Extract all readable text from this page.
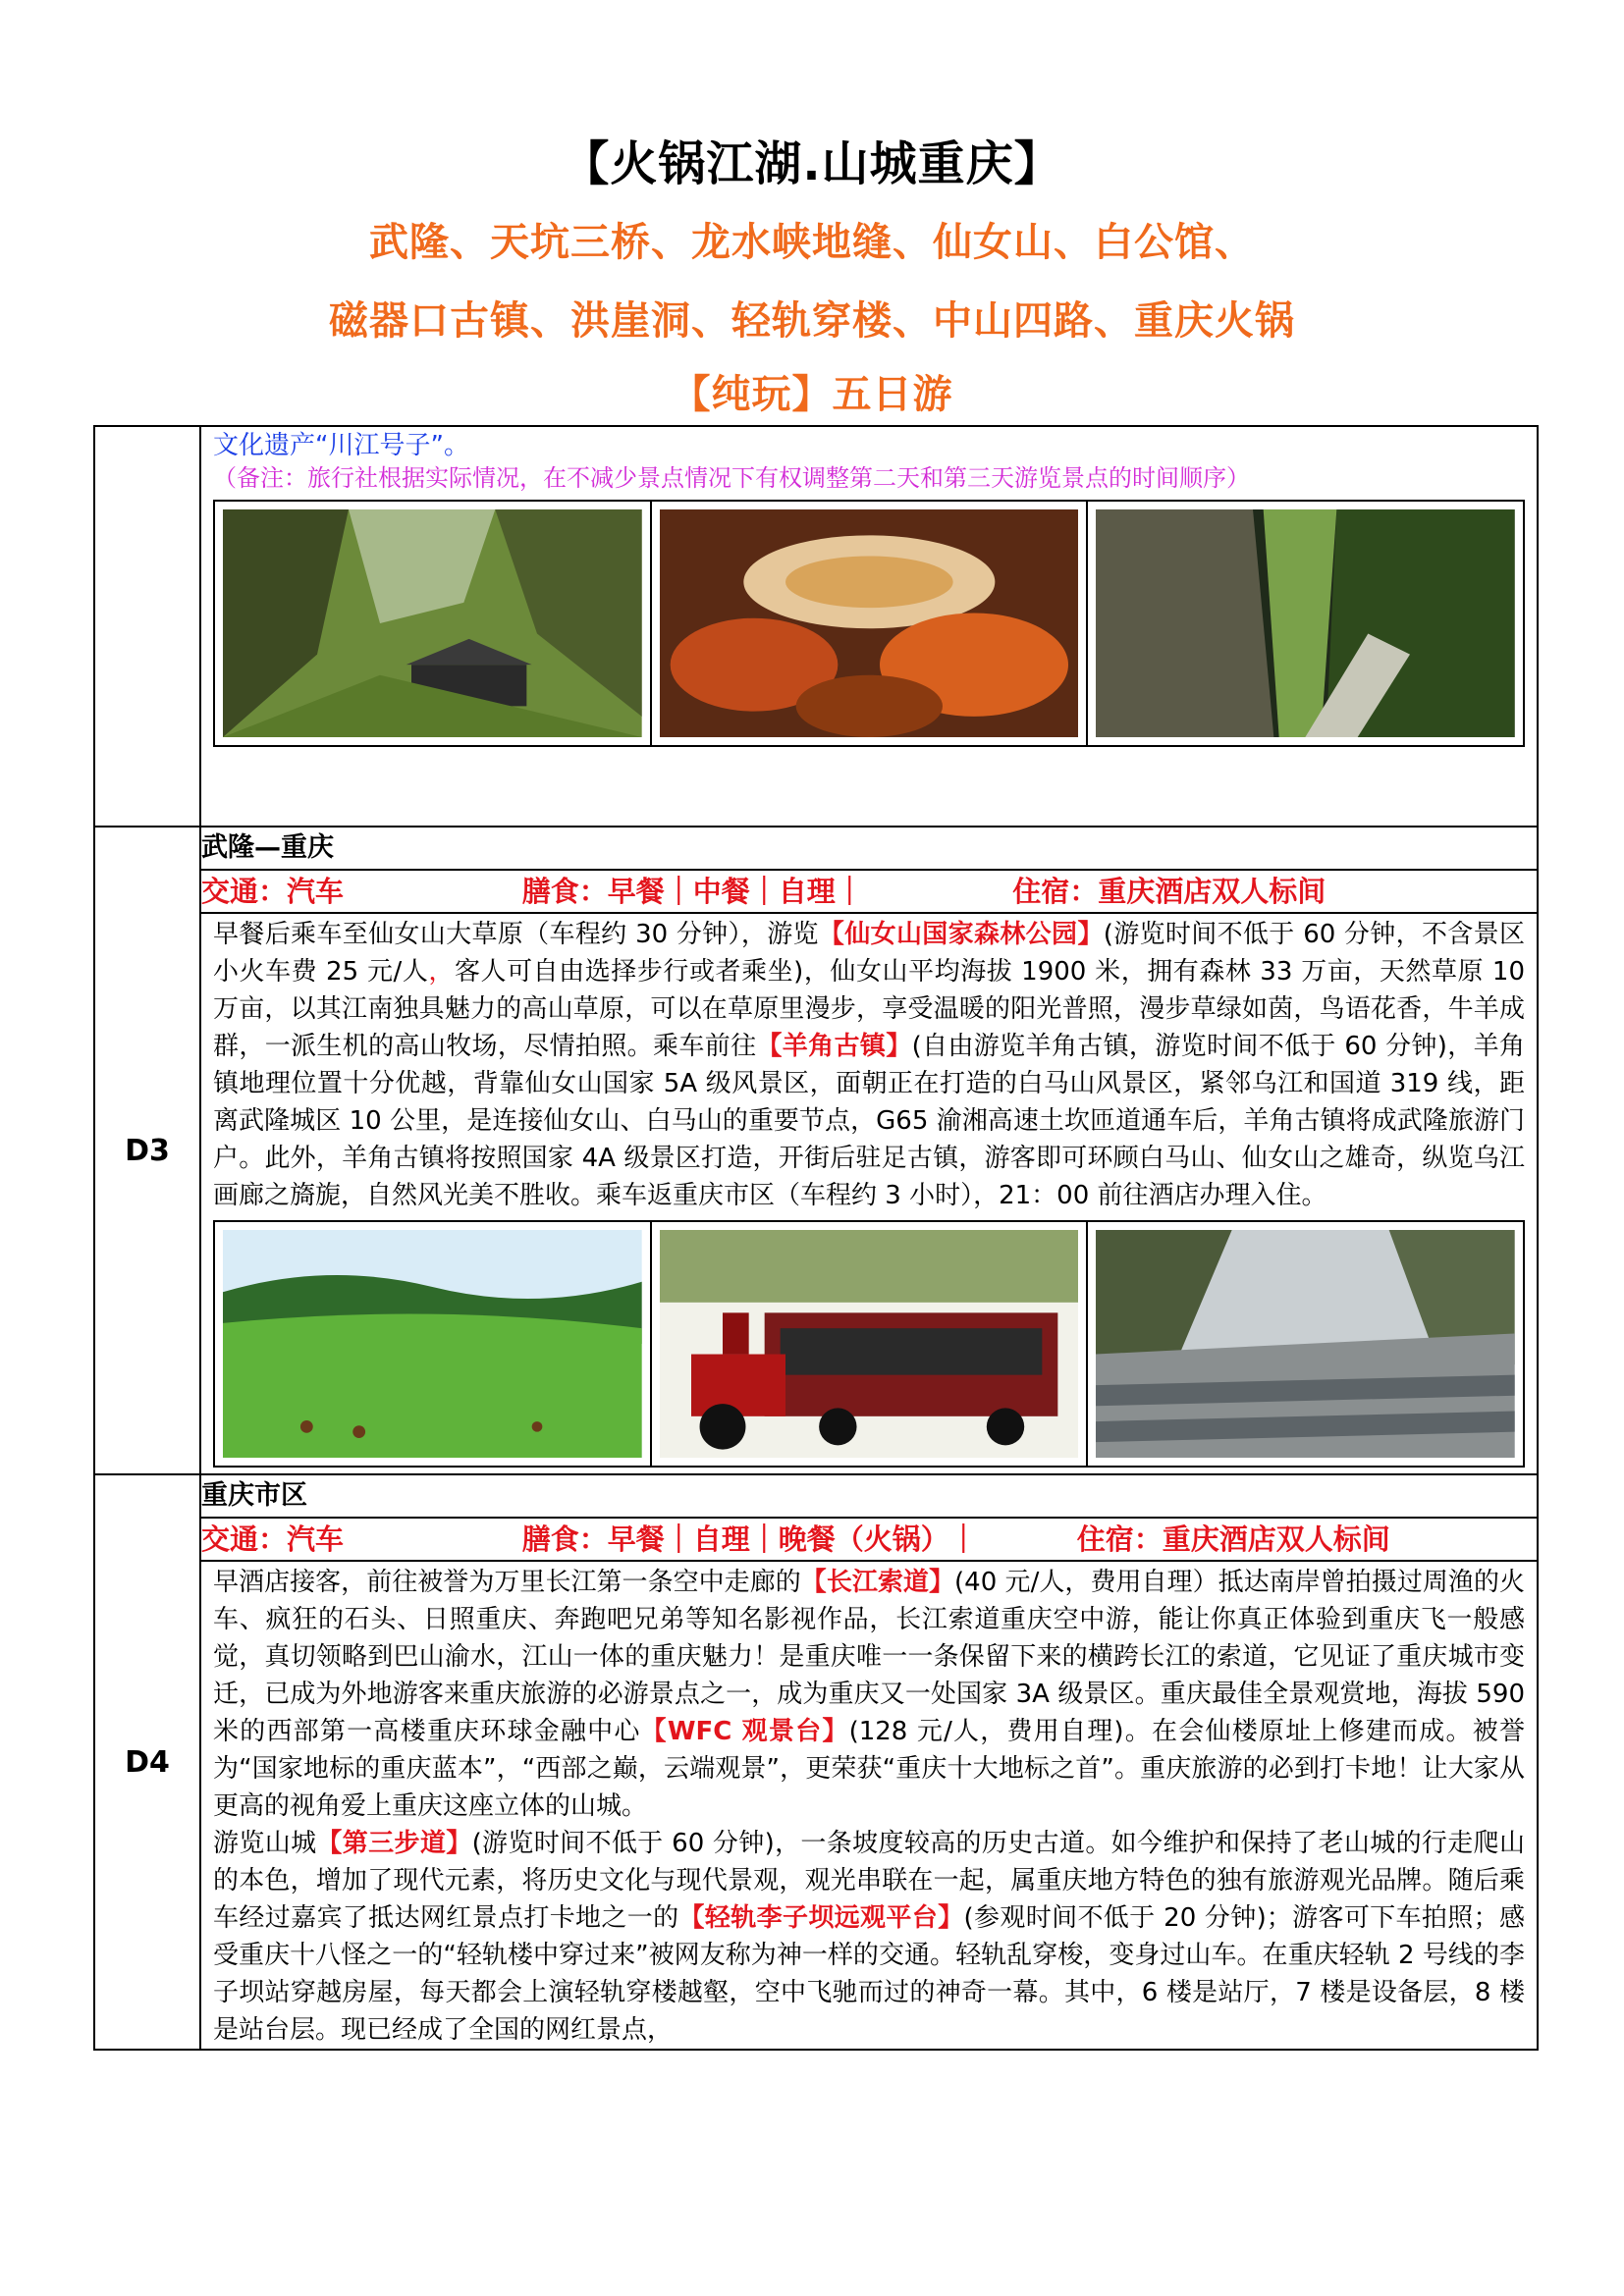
【火锅江湖.山城重庆】
武隆、天坑三桥、龙水峡地缝、仙女山、白公馆、
磁器口古镇、洪崖洞、轻轨穿楼、中山四路、重庆火锅
【纯玩】五日游

	文化遗产“川江号子”。
（备注：旅行社根据实际情况，在不减少景点情况下有权调整第二天和第三天游览景点的时间顺序）

D3	武隆—重庆
	交通：汽车 膳食：早餐｜中餐｜自理｜ 住宿：重庆酒店双人标间

	早餐后乘车至仙女山大草原（车程约 30 分钟），游览【仙女山国家森林公园】(游览时间不低于 60 分钟，不含景区小火车费 25 元/人，客人可自由选择步行或者乘坐)，仙女山平均海拔 1900 米，拥有森林 33 万亩，天然草原 10 万亩，以其江南独具魅力的高山草原，可以在草原里漫步，享受温暖的阳光普照，漫步草绿如茵，鸟语花香，牛羊成群，一派生机的高山牧场，尽情拍照。乘车前往【羊角古镇】(自由游览羊角古镇，游览时间不低于 60 分钟)，羊角镇地理位置十分优越，背靠仙女山国家 5A 级风景区，面朝正在打造的白马山风景区，紧邻乌江和国道 319 线，距离武隆城区 10 公里，是连接仙女山、白马山的重要节点，G65 渝湘高速土坎匝道通车后，羊角古镇将成武隆旅游门户。此外，羊角古镇将按照国家 4A 级景区打造，开街后驻足古镇，游客即可环顾白马山、仙女山之雄奇，纵览乌江画廊之旖旎，自然风光美不胜收。乘车返重庆市区（车程约 3 小时），21：00 前往酒店办理入住。

D4	重庆市区
	交通：汽车 膳食：早餐｜自理｜晚餐（火锅）｜ 住宿：重庆酒店双人标间

	早酒店接客，前往被誉为万里长江第一条空中走廊的【长江索道】(40 元/人，费用自理）抵达南岸曾拍摄过周渔的火车、疯狂的石头、日照重庆、奔跑吧兄弟等知名影视作品，长江索道重庆空中游，能让你真正体验到重庆飞一般感觉，真切领略到巴山渝水，江山一体的重庆魅力！是重庆唯一一条保留下来的横跨长江的索道，它见证了重庆城市变迁，已成为外地游客来重庆旅游的必游景点之一，成为重庆又一处国家 3A 级景区。重庆最佳全景观赏地，海拔 590 米的西部第一高楼重庆环球金融中心【WFC 观景台】(128 元/人，费用自理)。在会仙楼原址上修建而成。被誉为“国家地标的重庆蓝本”，“西部之巅，云端观景”，更荣获“重庆十大地标之首”。重庆旅游的必到打卡地！让大家从更高的视角爱上重庆这座立体的山城。
游览山城【第三步道】(游览时间不低于 60 分钟)，一条坡度较高的历史古道。如今维护和保持了老山城的行走爬山的本色，增加了现代元素，将历史文化与现代景观，观光串联在一起，属重庆地方特色的独有旅游观光品牌。随后乘车经过嘉宾了抵达网红景点打卡地之一的【轻轨李子坝远观平台】(参观时间不低于 20 分钟)；游客可下车拍照；感受重庆十八怪之一的“轻轨楼中穿过来”被网友称为神一样的交通。轻轨乱穿梭，变身过山车。在重庆轻轨 2 号线的李子坝站穿越房屋，每天都会上演轻轨穿楼越壑，空中飞驰而过的神奇一幕。其中，6 楼是站厅，7 楼是设备层，8 楼是站台层。现已经成了全国的网红景点，
